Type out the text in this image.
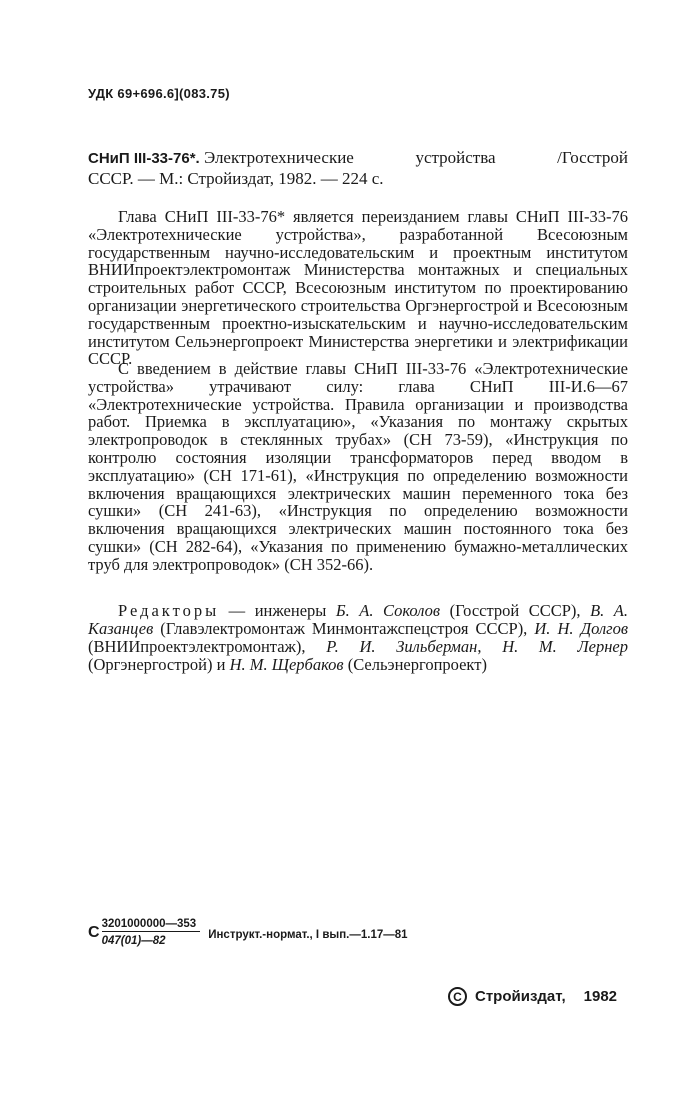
УДК 69+696.6](083.75)
СНиП III-33-76*. Электротехнические	устройства	/Госстрой
СССР. — М.: Стройиздат, 1982. — 224 с.

Глава СНиП III-33-76* является переизданием главы СНиП III-33-76 «Электротехнические устройства», разработанной Всесоюзным государственным научно-исследовательским и проектным институтом ВНИИпроектэлектромонтаж Министерства монтажных и специальных строительных работ СССР, Всесоюзным институтом по проектированию организации энергетического строительства Оргэнергострой и Всесоюзным государственным проектно-изыскательским и научно-исследовательским институтом Сельэнергопроект Министерства энергетики и электрификации СССР.

С введением в действие главы СНиП III-33-76 «Электротехнические устройства» утрачивают силу: глава СНиП III-И.6—67 «Электротехнические устройства. Правила организации и производства работ. Приемка в эксплуатацию», «Указания по монтажу скрытых электропроводок в стеклянных трубах» (СН 73-59), «Инструкция по контролю состояния изоляции трансформаторов перед вводом в эксплуатацию» (СН 171-61), «Инструкция по определению возможности включения вращающихся электрических машин переменного тока без сушки» (СН 241-63), «Инструкция по определению возможности включения вращающихся электрических машин постоянного тока без сушки» (СН 282-64), «Указания по применению бумажно-металлических труб для электропроводок» (СН 352-66).

Редакторы — инженеры Б. А. Соколов (Госстрой СССР), В. А. Казанцев (Главэлектромонтаж Минмонтажспецстроя СССР), И. Н. Долгов (ВНИИпроектэлектромонтаж), Р. И. Зильберман, Н. М. Лернер (Оргэнергострой) и Н. М. Щербаков (Сельэнергопроект)
С $\frac{3201000000—353}{047(01)—82}$ Инструкт.-нормат., I вып.—1.17—81
С Стройиздат, 1982
